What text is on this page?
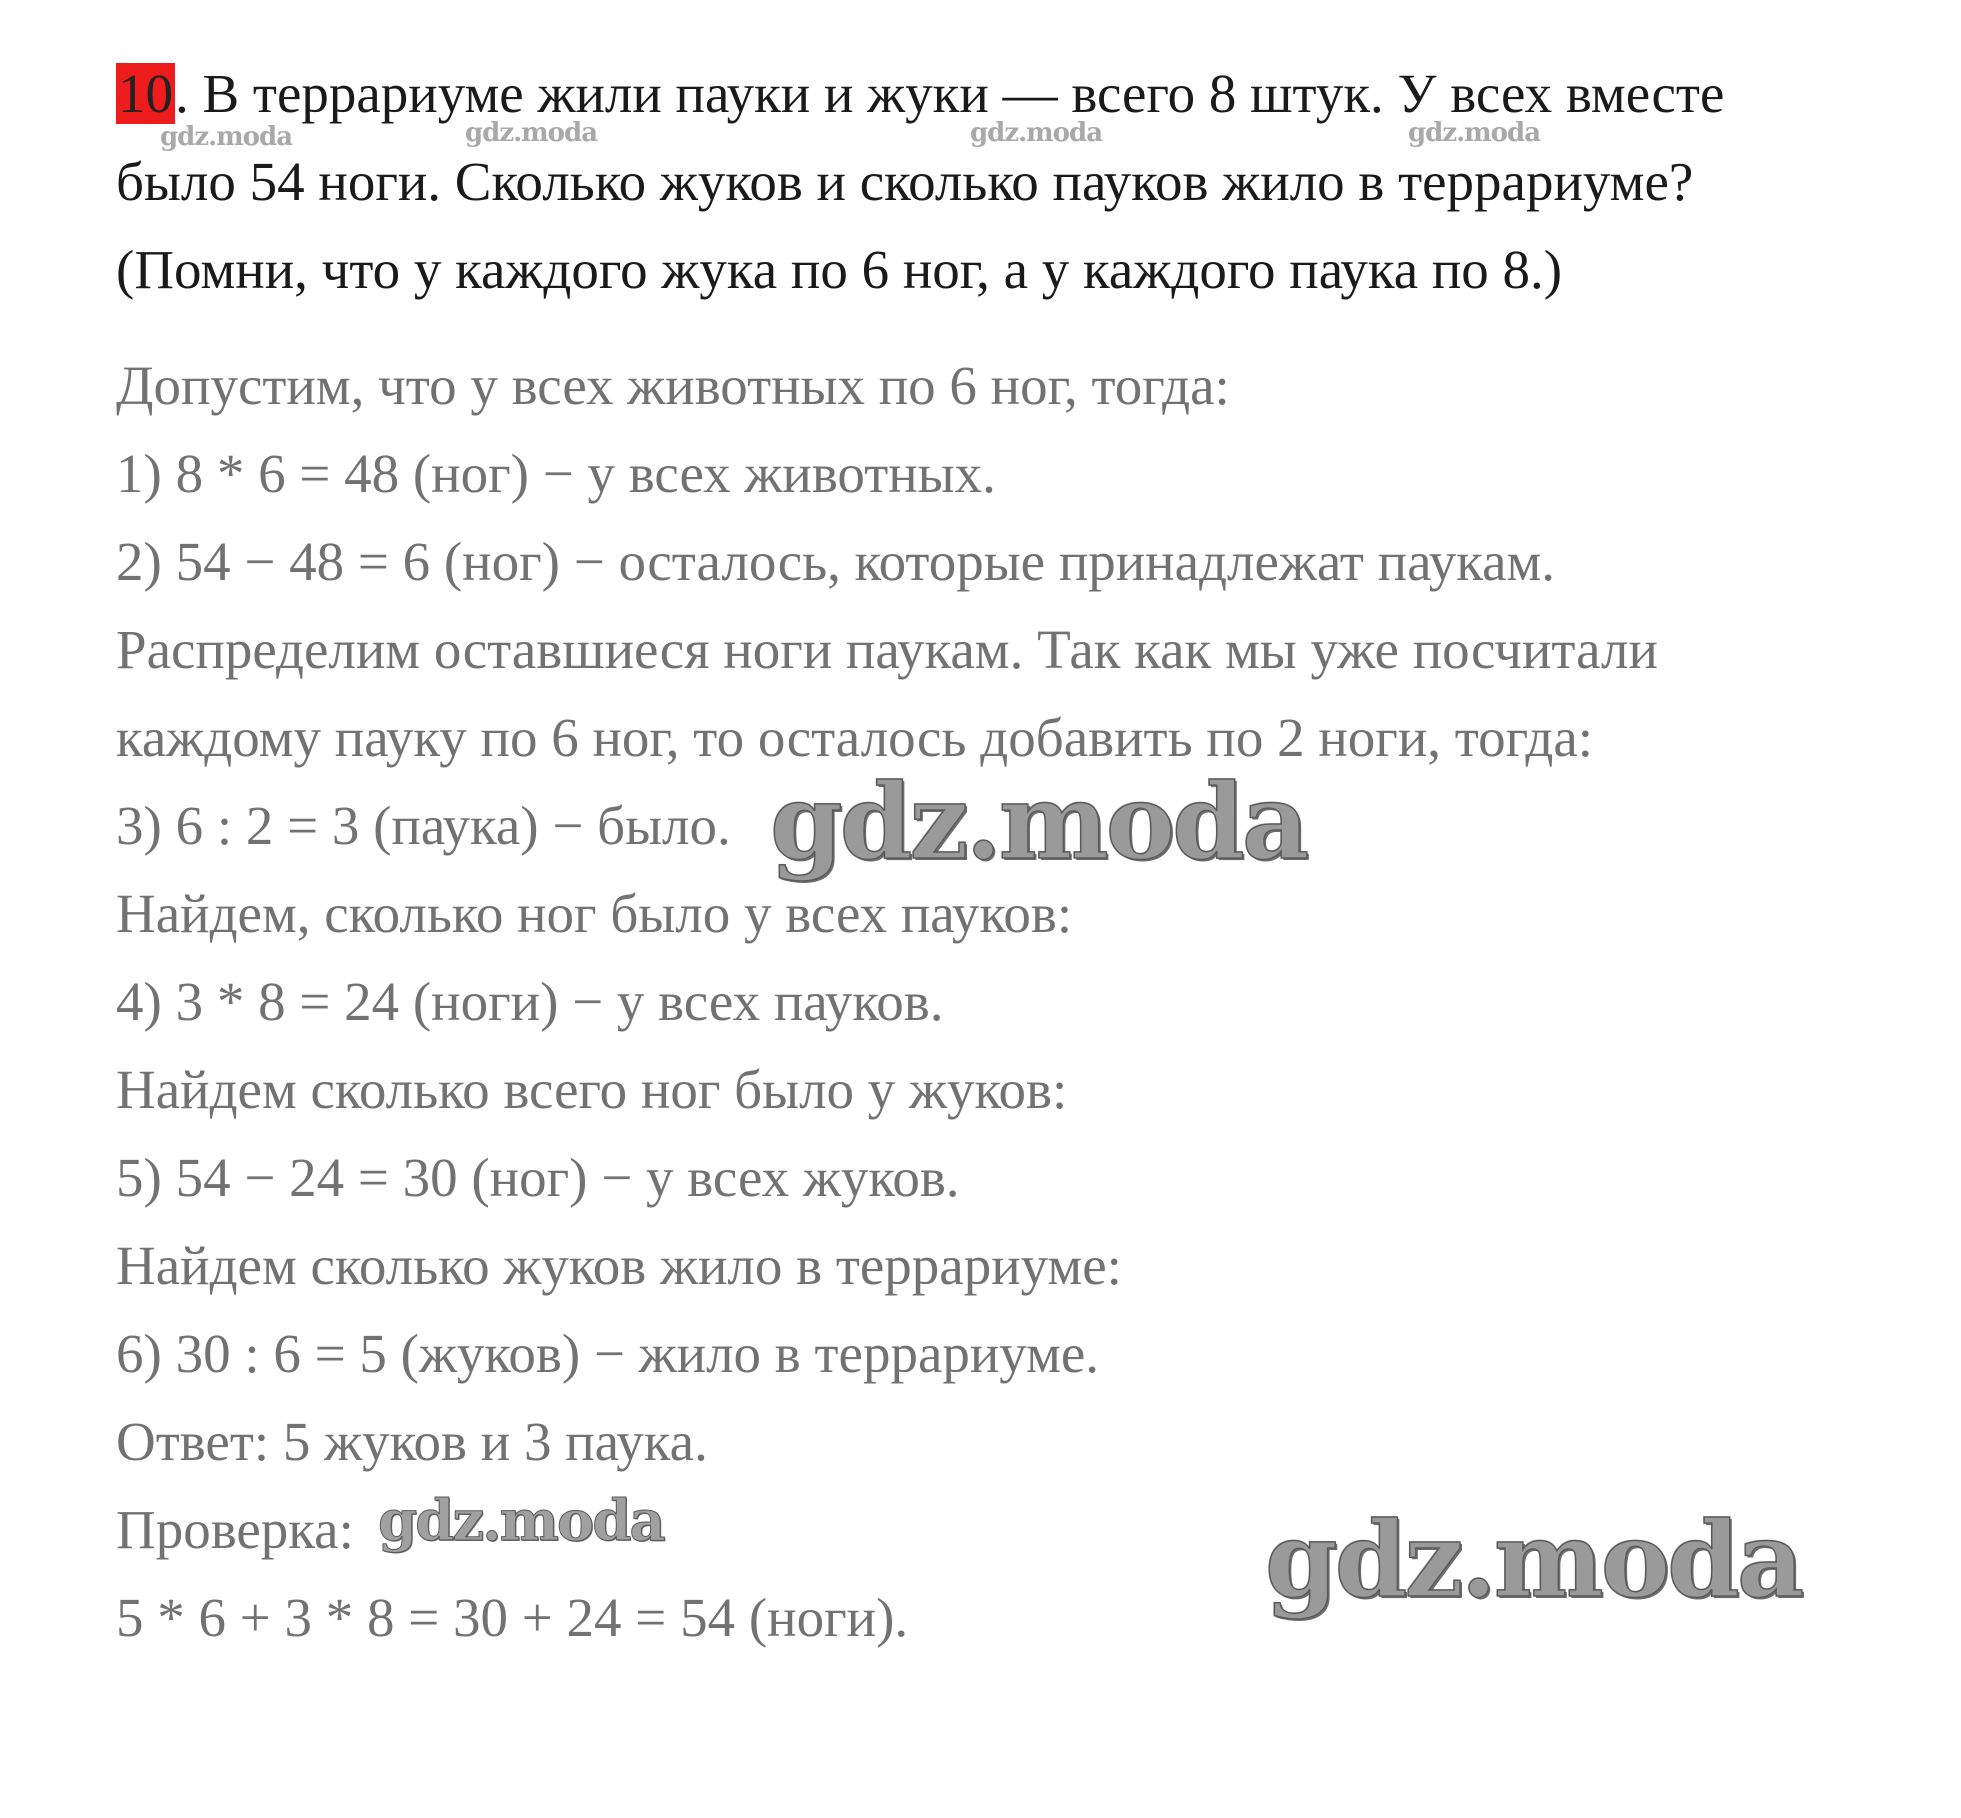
10. В террариуме жили пауки и жуки — всего 8 штук. У всех вместе
было 54 ноги. Сколько жуков и сколько пауков жило в террариуме?
(Помни, что у каждого жука по 6 ног, а у каждого паука по 8.)
Допустим, что у всех животных по 6 ног, тогда:
1) 8 * 6 = 48 (ног) − у всех животных.
2) 54 − 48 = 6 (ног) − осталось, которые принадлежат паукам.
Распределим оставшиеся ноги паукам. Так как мы уже посчитали
каждому пауку по 6 ног, то осталось добавить по 2 ноги, тогда:
3) 6 : 2 = 3 (паука) − было.
Найдем, сколько ног было у всех пауков:
4) 3 * 8 = 24 (ноги) − у всех пауков.
Найдем сколько всего ног было у жуков:
5) 54 − 24 = 30 (ног) − у всех жуков.
Найдем сколько жуков жило в террариуме:
6) 30 : 6 = 5 (жуков) − жило в террариуме.
Ответ: 5 жуков и 3 паука.
Проверка:
5 * 6 + 3 * 8 = 30 + 24 = 54 (ноги).
gdz.moda	gdz.moda	gdz.moda	gdz.moda
gdz.moda
gdz.moda	gdz.moda
